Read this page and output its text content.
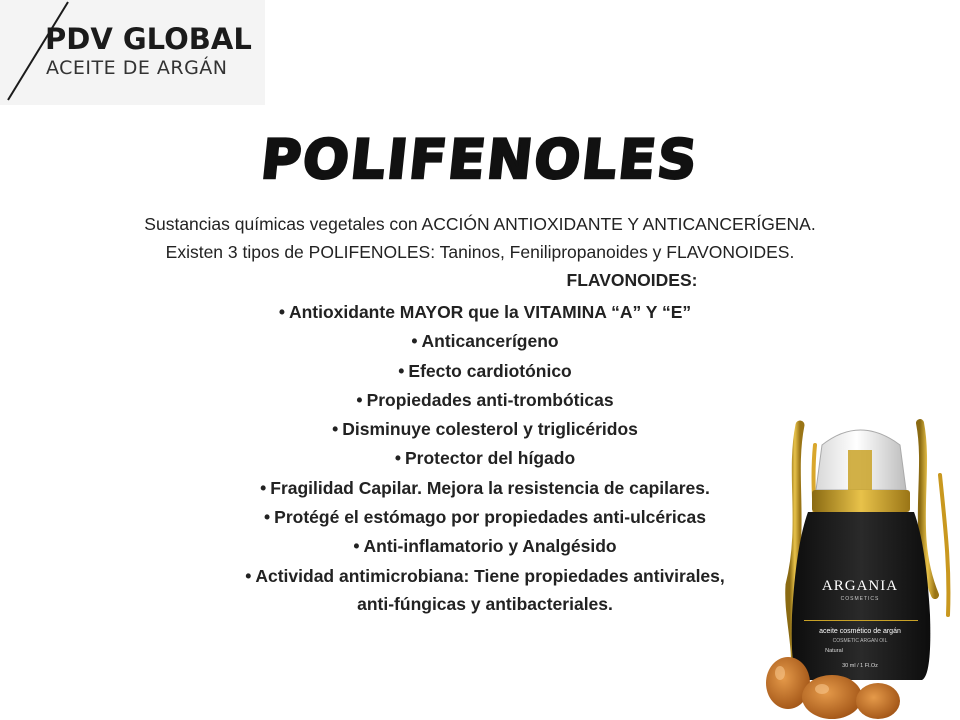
PDV GLOBAL
ACEITE DE ARGÁN
POLIFENOLES
Sustancias químicas vegetales con ACCIÓN ANTIOXIDANTE Y ANTICANCERÍGENA.
Existen 3 tipos de POLIFENOLES: Taninos, Fenilipropanoides y FLAVONOIDES.
FLAVONOIDES:
• Antioxidante MAYOR que la VITAMINA “A” Y “E”
• Anticancerígeno
• Efecto cardiotónico
• Propiedades anti-trombóticas
• Disminuye colesterol y triglicéridos
• Protector del hígado
• Fragilidad Capilar. Mejora la resistencia de capilares.
• Protégé el estómago por propiedades anti-ulcéricas
• Anti-inflamatorio y Analgésido
• Actividad antimicrobiana: Tiene propiedades antivirales,
anti-fúngicas y antibacteriales.
ARGANIA
COSMETICS
aceite cosmético de argán
COSMETIC ARGAN OIL
Natural
30 ml / 1 Fl.Oz
